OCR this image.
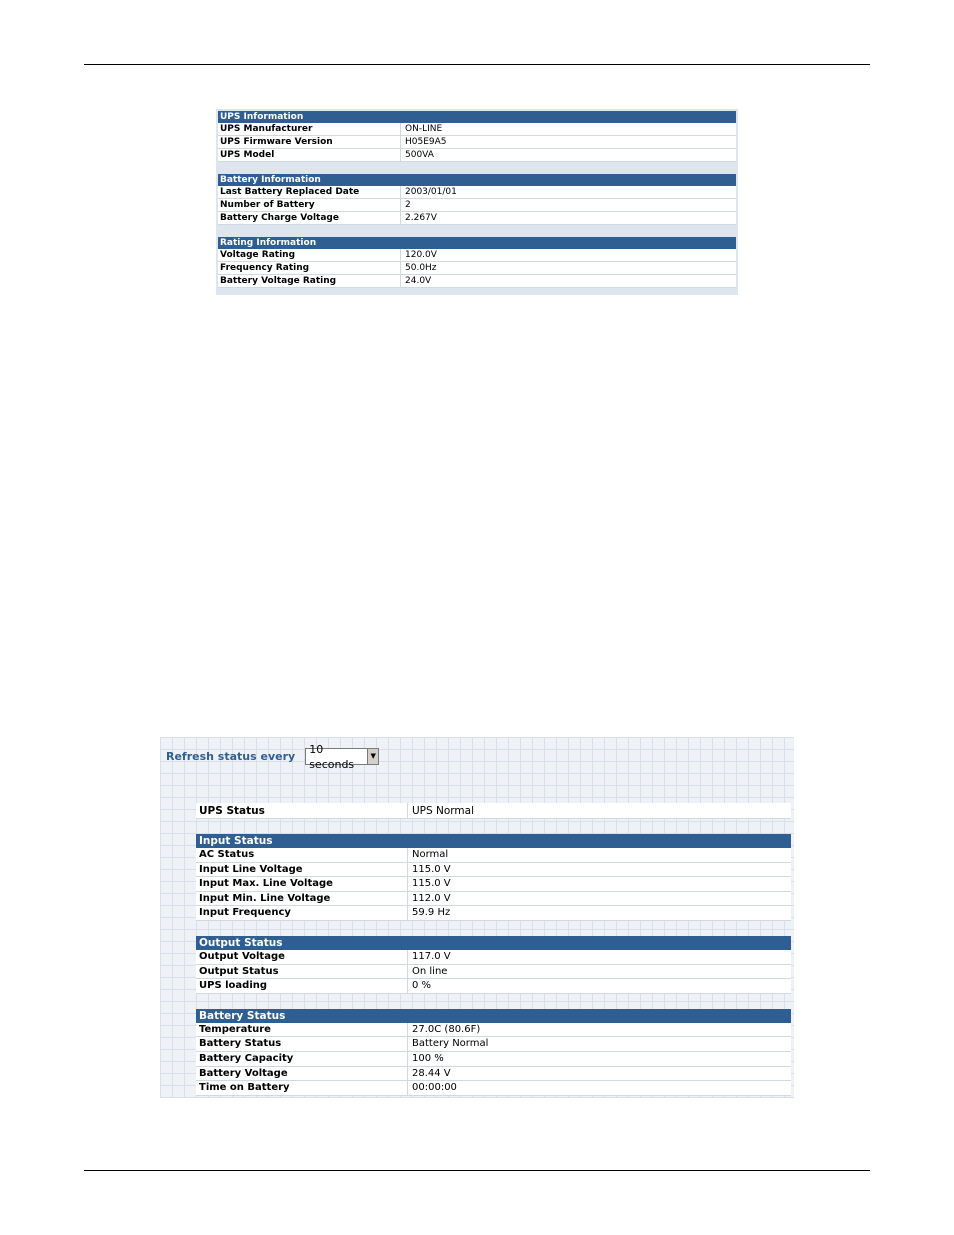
UPS Information
UPS Manufacturer	ON-LINE
UPS Firmware Version	H05E9A5
UPS Model	500VA
Battery Information
Last Battery Replaced Date	2003/01/01
Number of Battery	2
Battery Charge Voltage	2.267V
Rating Information
Voltage Rating	120.0V
Frequency Rating	50.0Hz
Battery Voltage Rating	24.0V
Refresh status every
10 seconds
▼
UPS Status	UPS Normal
Input Status
AC Status	Normal
Input Line Voltage	115.0 V
Input Max. Line Voltage	115.0 V
Input Min. Line Voltage	112.0 V
Input Frequency	59.9 Hz
Output Status
Output Voltage	117.0 V
Output Status	On line
UPS loading	0 %
Battery Status
Temperature	27.0C (80.6F)
Battery Status	Battery Normal
Battery Capacity	100 %
Battery Voltage	28.44 V
Time on Battery	00:00:00
